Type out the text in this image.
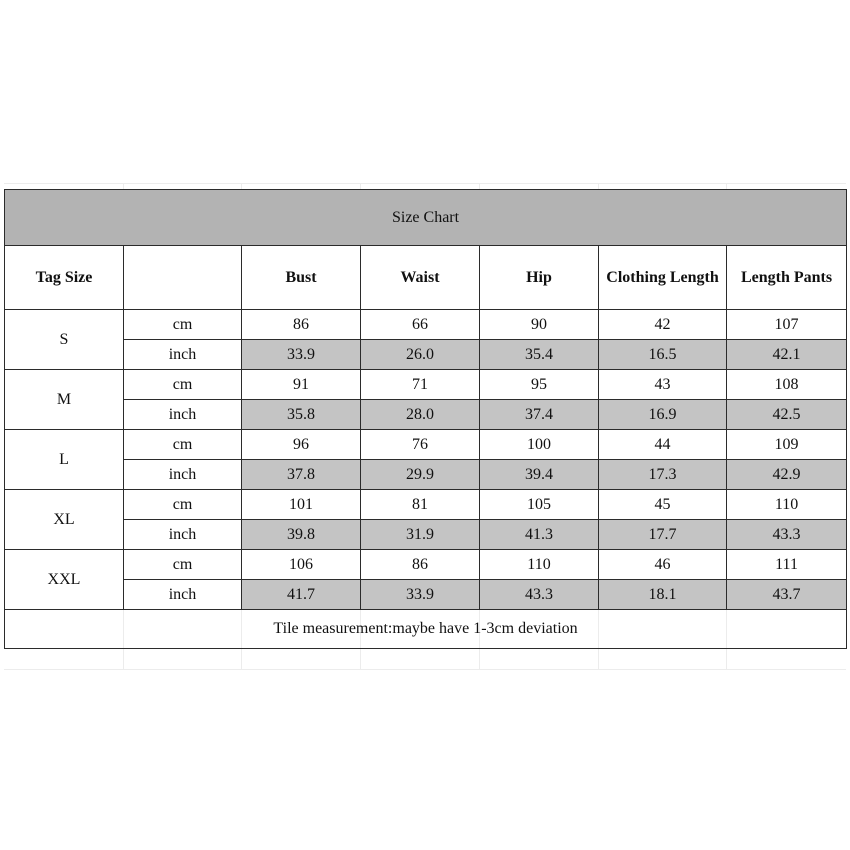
Size Chart						
Tag Size		Bust	Waist	Hip	Clothing Length	Length Pants
S	cm	86	66	90	42	107
	inch	33.9	26.0	35.4	16.5	42.1
M	cm	91	71	95	43	108
	inch	35.8	28.0	37.4	16.9	42.5
L	cm	96	76	100	44	109
	inch	37.8	29.9	39.4	17.3	42.9
XL	cm	101	81	105	45	110
	inch	39.8	31.9	41.3	17.7	43.3
XXL	cm	106	86	110	46	111
	inch	41.7	33.9	43.3	18.1	43.7
Tile measurement:maybe have 1-3cm deviation						
